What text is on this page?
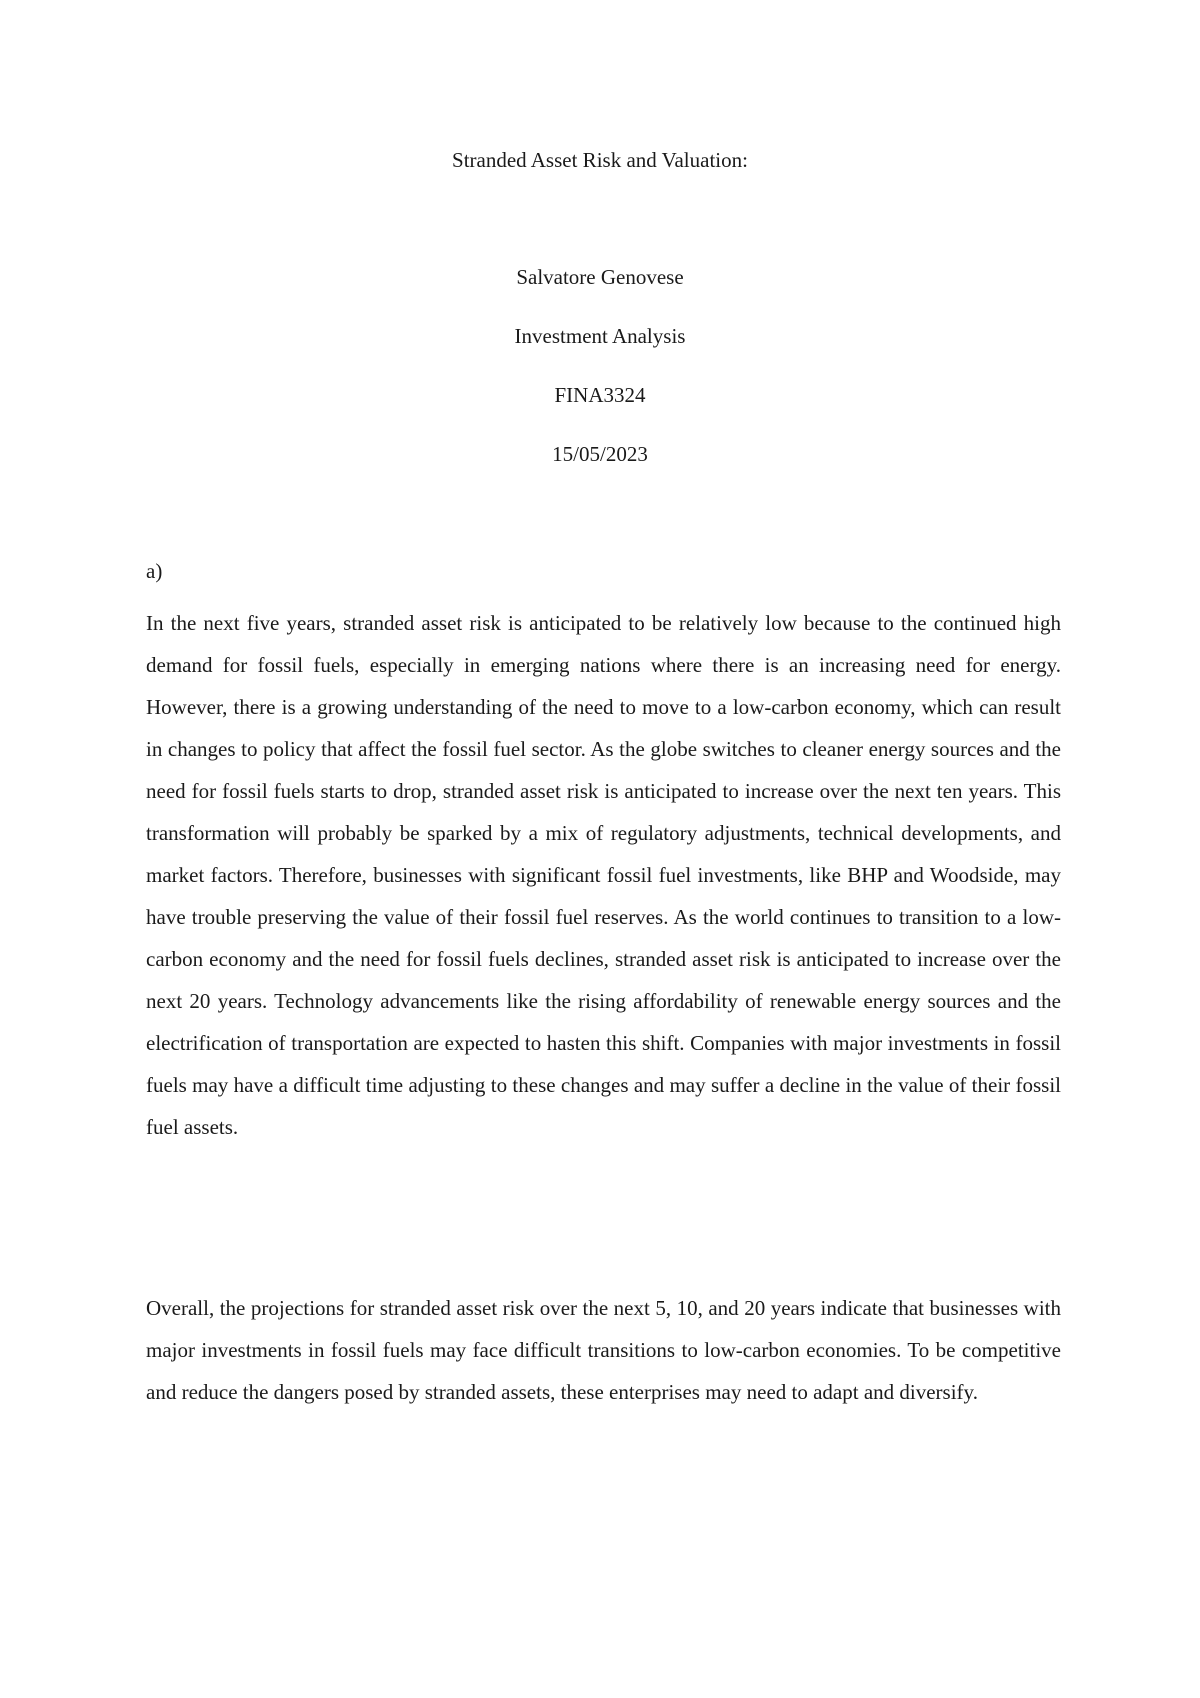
Stranded Asset Risk and Valuation:
Salvatore Genovese
Investment Analysis
FINA3324
15/05/2023
a)

In the next five years, stranded asset risk is anticipated to be relatively low because to the continued high demand for fossil fuels, especially in emerging nations where there is an increasing need for energy. However, there is a growing understanding of the need to move to a low-carbon economy, which can result in changes to policy that affect the fossil fuel sector. As the globe switches to cleaner energy sources and the need for fossil fuels starts to drop, stranded asset risk is anticipated to increase over the next ten years. This transformation will probably be sparked by a mix of regulatory adjustments, technical developments, and market factors. Therefore, businesses with significant fossil fuel investments, like BHP and Woodside, may have trouble preserving the value of their fossil fuel reserves. As the world continues to transition to a low-carbon economy and the need for fossil fuels declines, stranded asset risk is anticipated to increase over the next 20 years. Technology advancements like the rising affordability of renewable energy sources and the electrification of transportation are expected to hasten this shift. Companies with major investments in fossil fuels may have a difficult time adjusting to these changes and may suffer a decline in the value of their fossil fuel assets.

Overall, the projections for stranded asset risk over the next 5, 10, and 20 years indicate that businesses with major investments in fossil fuels may face difficult transitions to low-carbon economies. To be competitive and reduce the dangers posed by stranded assets, these enterprises may need to adapt and diversify.
